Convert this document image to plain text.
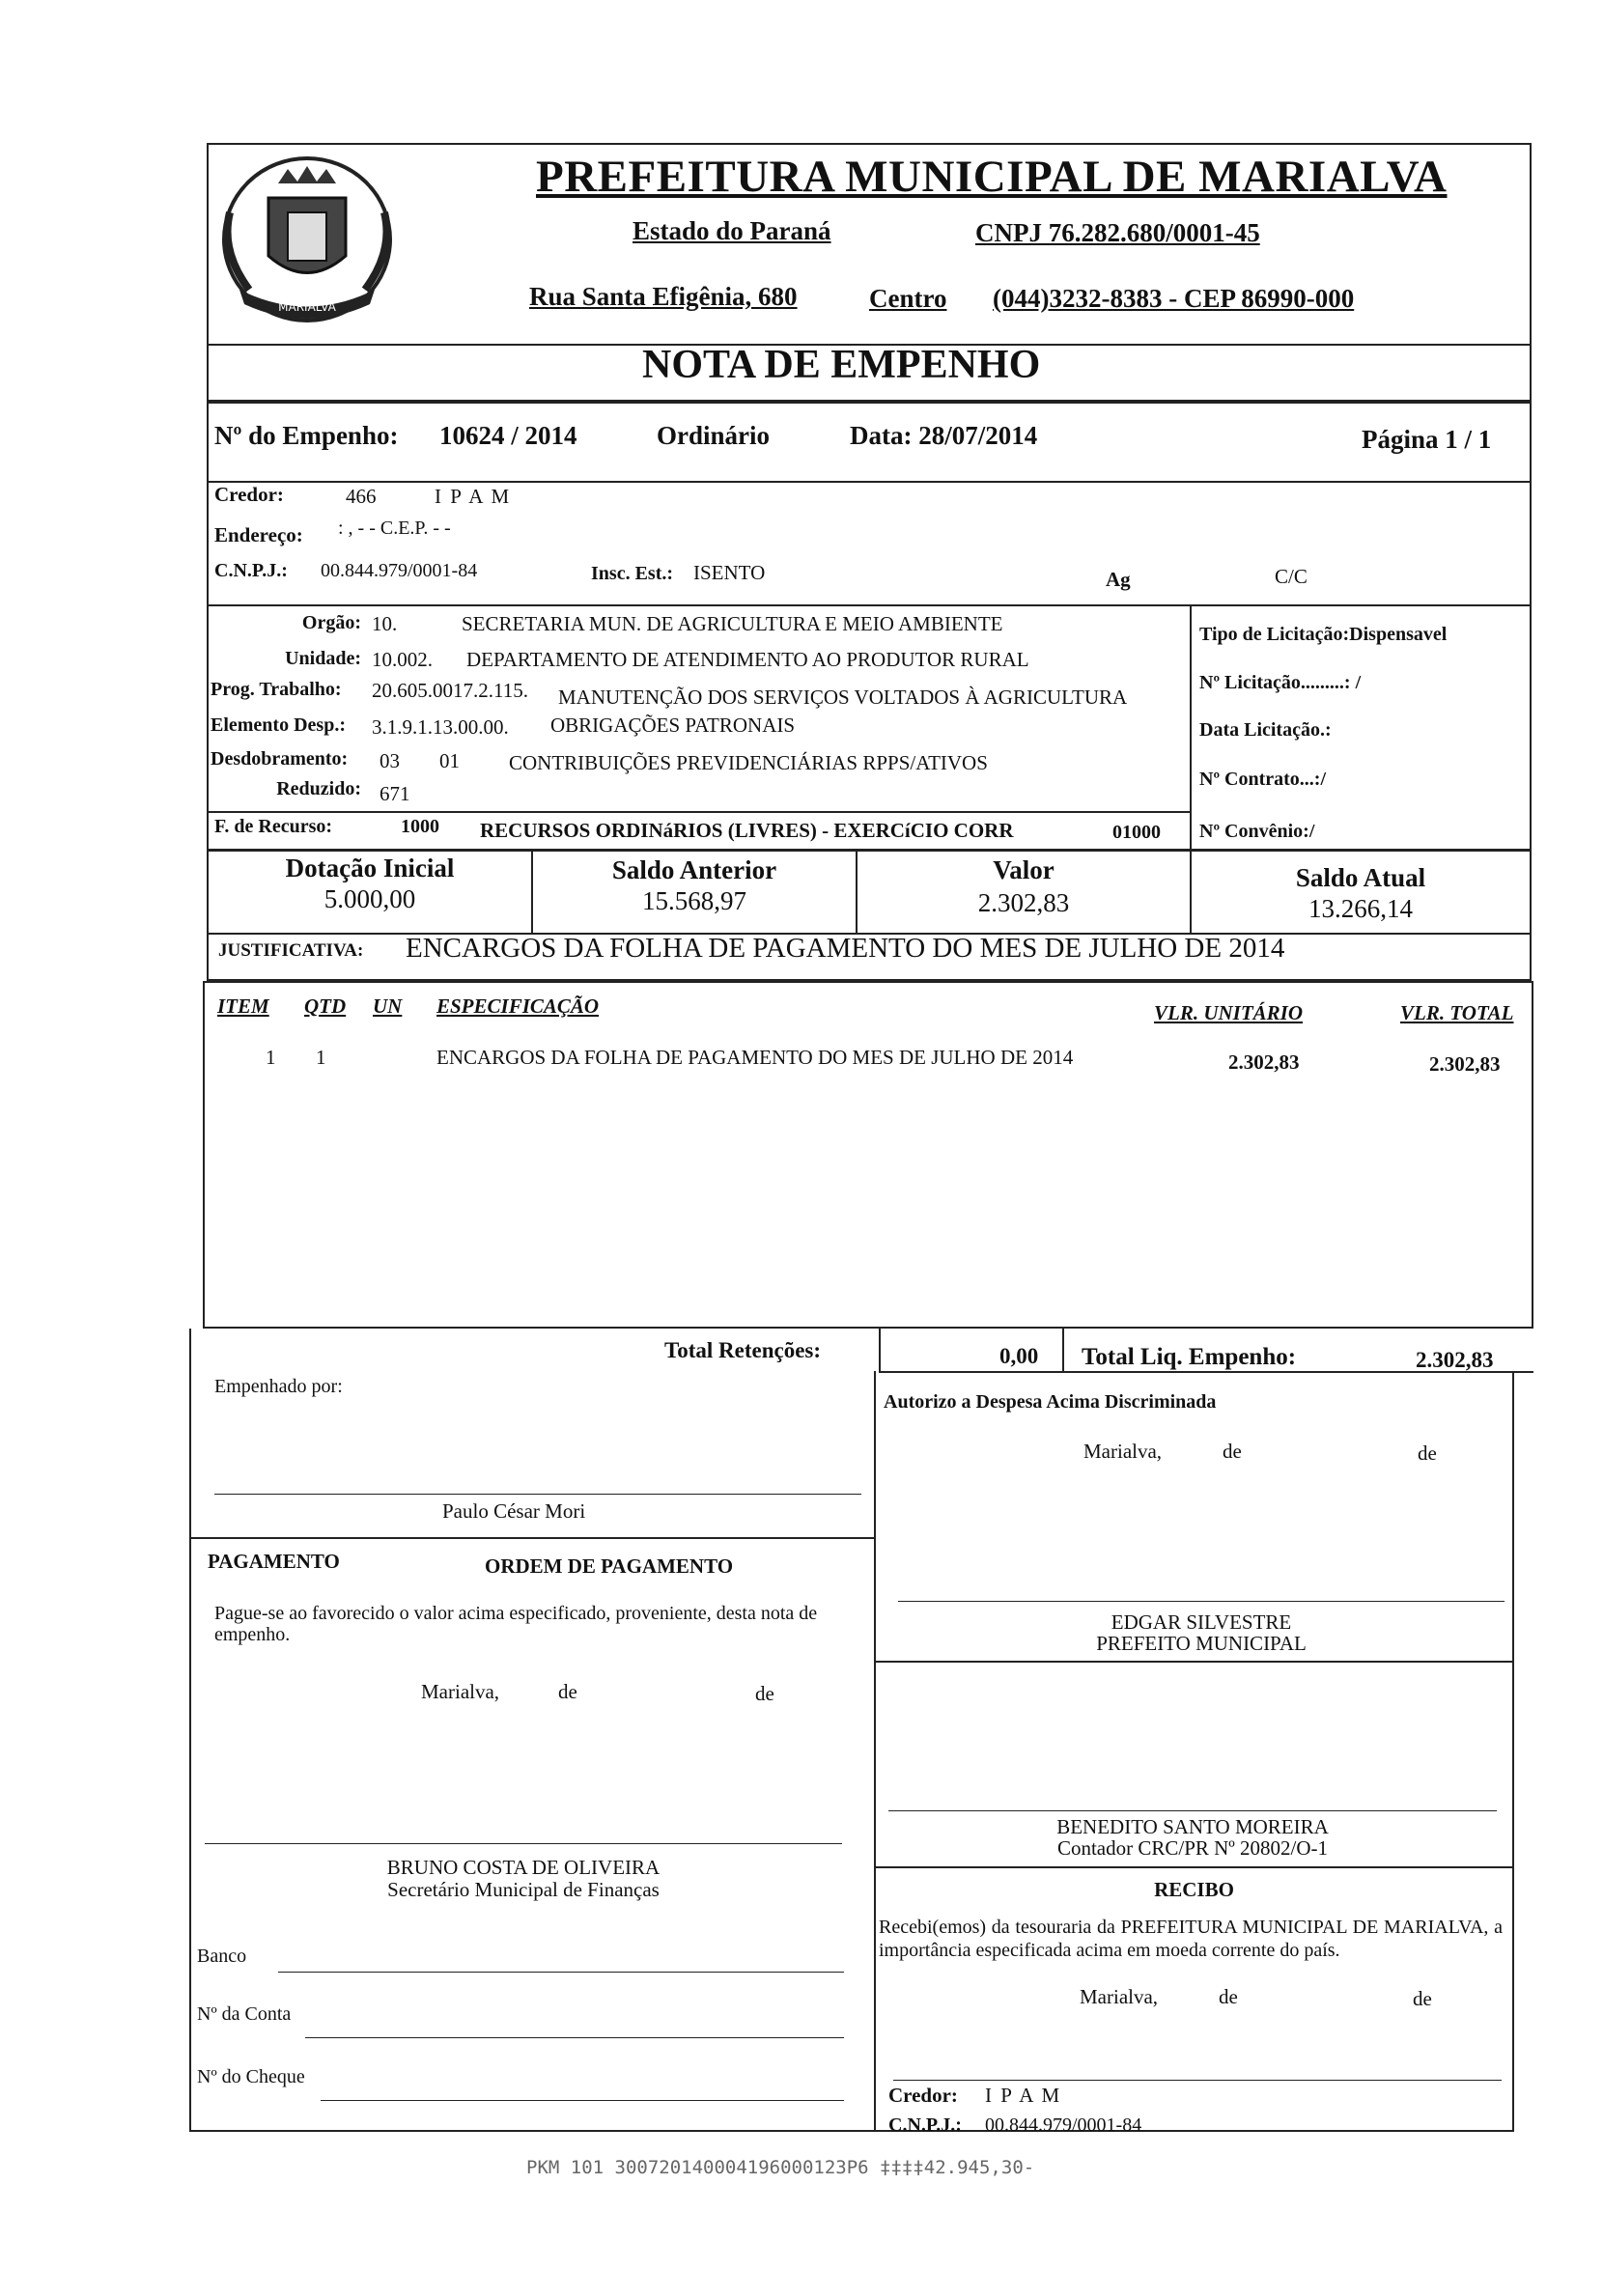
MARIALVA
PREFEITURA MUNICIPAL DE MARIALVA
Estado do Paraná	CNPJ 76.282.680/0001-45
Rua Santa Efigênia, 680	Centro (044)3232-8383 - CEP 86990-000
NOTA DE EMPENHO
Nº do Empenho: 10624 / 2014	Ordinário	Data: 28/07/2014	Página 1 / 1
Credor:	466	I P A M
Endereço: : , - - C.E.P. - -
C.N.P.J.: 00.844.979/0001-84	Insc. Est.: ISENTO	Ag	C/C
Orgão: 10.	SECRETARIA MUN. DE AGRICULTURA E MEIO AMBIENTE
Unidade: 10.002. DEPARTAMENTO DE ATENDIMENTO AO PRODUTOR RURAL
Prog. Trabalho: 20.605.0017.2.115. MANUTENÇÃO DOS SERVIÇOS VOLTADOS À AGRICULTURA
Elemento Desp.: 3.1.9.1.13.00.00. OBRIGAÇÕES PATRONAIS
Desdobramento: 03 01 CONTRIBUIÇÕES PREVIDENCIÁRIAS RPPS/ATIVOS
Reduzido: 671
F. de Recurso:	1000 RECURSOS ORDINáRIOS (LIVRES) - EXERCíCIO CORR	01000
Tipo de Licitação:Dispensavel
Nº Licitação.........: /
Data Licitação.:
Nº Contrato...:/
Nº Convênio:/
Dotação Inicial
5.000,00
Saldo Anterior
15.568,97
Valor
2.302,83
Saldo Atual
13.266,14
JUSTIFICATIVA: ENCARGOS DA FOLHA DE PAGAMENTO DO MES DE JULHO DE 2014
ITEM QTD UN ESPECIFICAÇÃO	VLR. UNITÁRIO	VLR. TOTAL
1 1	ENCARGOS DA FOLHA DE PAGAMENTO DO MES DE JULHO DE 2014	2.302,83	2.302,83
Total Retenções:	0,00 Total Liq. Empenho:	2.302,83
Empenhado por:
Paulo César Mori
Autorizo a Despesa Acima Discriminada
Marialva,	de	de
EDGAR SILVESTRE
PREFEITO MUNICIPAL
PAGAMENTO	ORDEM DE PAGAMENTO
Pague-se ao favorecido o valor acima especificado, proveniente, desta nota de empenho.
Marialva,	de	de
BRUNO COSTA DE OLIVEIRA
Secretário Municipal de Finanças
Banco
Nº da Conta
Nº do Cheque
BENEDITO SANTO MOREIRA
Contador CRC/PR Nº 20802/O-1
RECIBO
Recebi(emos) da tesouraria da PREFEITURA MUNICIPAL DE MARIALVA, a importância especificada acima em moeda corrente do país.
Marialva,	de	de
Credor: I P A M
C.N.P.J.: 00.844.979/0001-84
PKM 101 300720140004196000123P6 ‡‡‡‡42.945,30-
